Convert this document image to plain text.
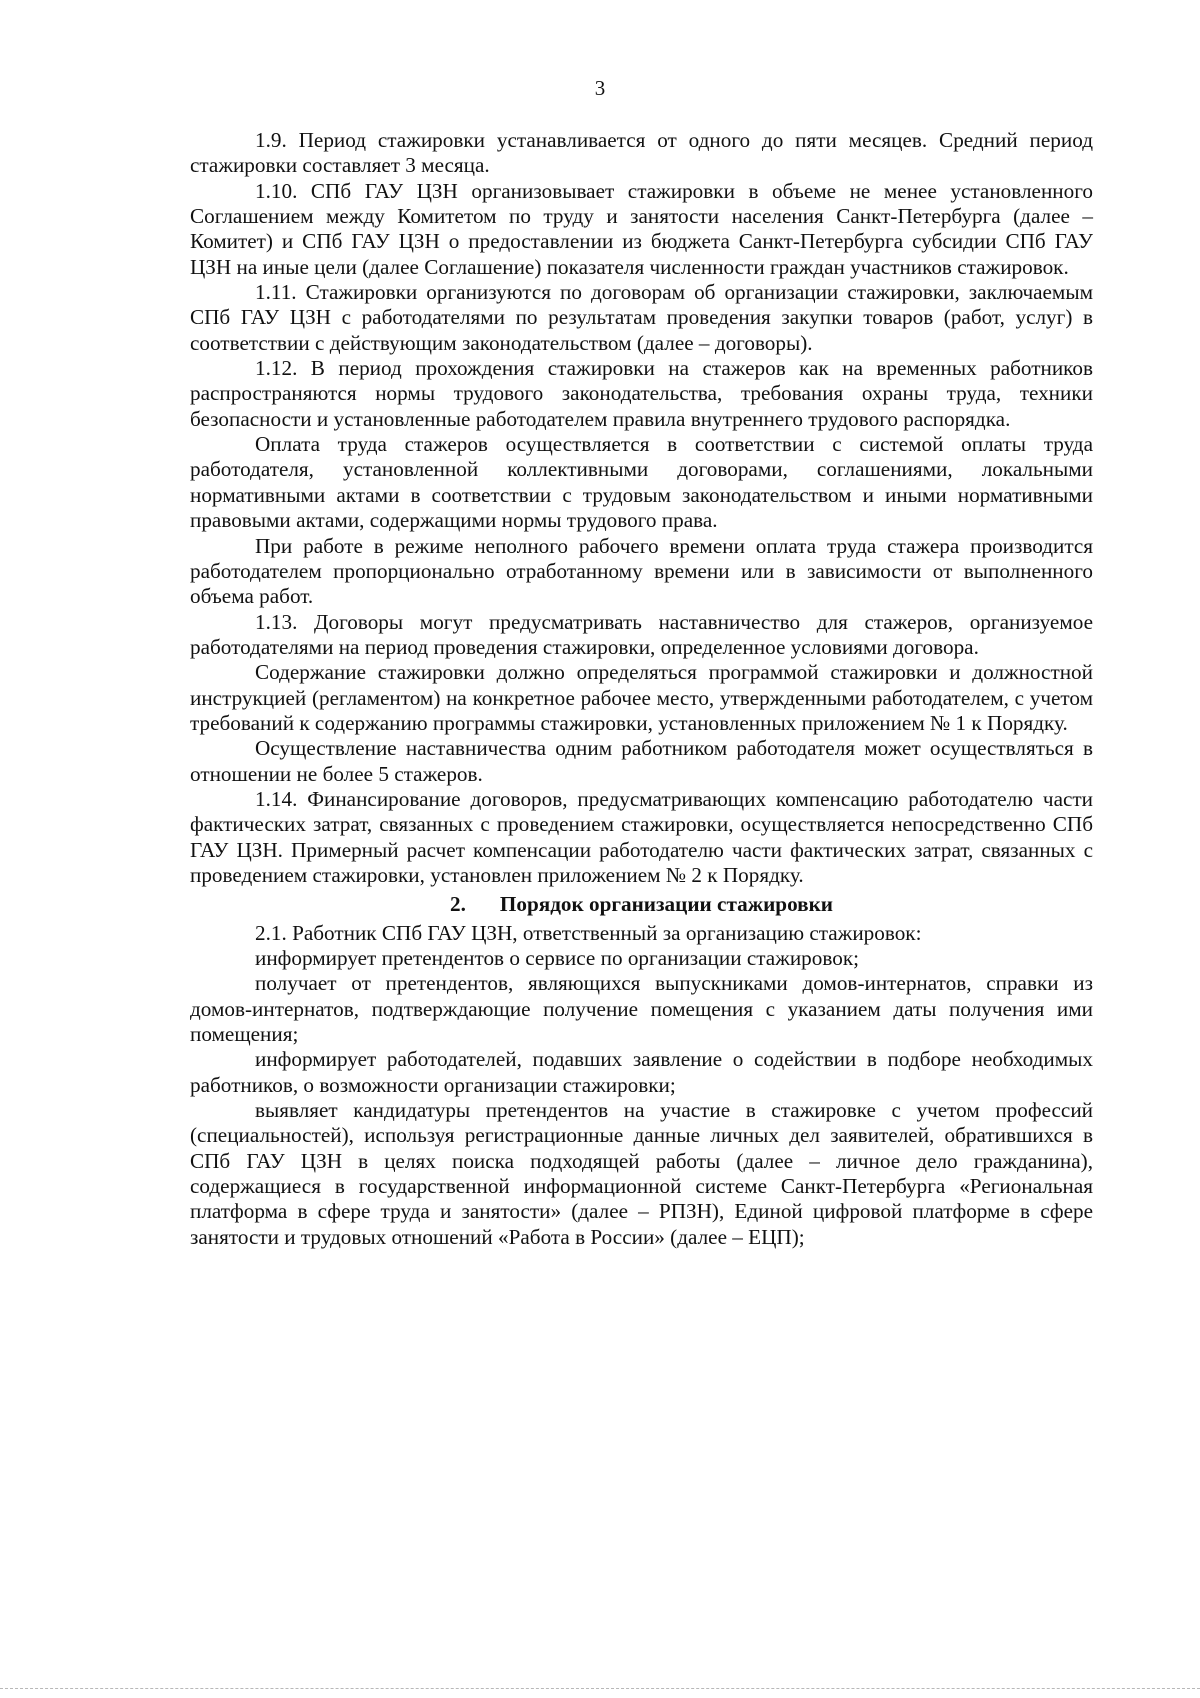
3

1.9. Период стажировки устанавливается от одного до пяти месяцев. Средний период стажировки составляет 3 месяца.

1.10. СПб ГАУ ЦЗН организовывает стажировки в объеме не менее установленного Соглашением между Комитетом по труду и занятости населения Санкт-Петербурга (далее – Комитет) и СПб ГАУ ЦЗН о предоставлении из бюджета Санкт-Петербурга субсидии СПб ГАУ ЦЗН на иные цели (далее Соглашение) показателя численности граждан участников стажировок.

1.11. Стажировки организуются по договорам об организации стажировки, заключаемым СПб ГАУ ЦЗН с работодателями по результатам проведения закупки товаров (работ, услуг) в соответствии с действующим законодательством (далее – договоры).

1.12. В период прохождения стажировки на стажеров как на временных работников распространяются нормы трудового законодательства, требования охраны труда, техники безопасности и установленные работодателем правила внутреннего трудового распорядка.

Оплата труда стажеров осуществляется в соответствии с системой оплаты труда работодателя, установленной коллективными договорами, соглашениями, локальными нормативными актами в соответствии с трудовым законодательством и иными нормативными правовыми актами, содержащими нормы трудового права.

При работе в режиме неполного рабочего времени оплата труда стажера производится работодателем пропорционально отработанному времени или в зависимости от выполненного объема работ.

1.13. Договоры могут предусматривать наставничество для стажеров, организуемое работодателями на период проведения стажировки, определенное условиями договора.

Содержание стажировки должно определяться программой стажировки и должностной инструкцией (регламентом) на конкретное рабочее место, утвержденными работодателем, с учетом требований к содержанию программы стажировки, установленных приложением № 1 к Порядку.

Осуществление наставничества одним работником работодателя может осуществляться в отношении не более 5 стажеров.

1.14. Финансирование договоров, предусматривающих компенсацию работодателю части фактических затрат, связанных с проведением стажировки, осуществляется непосредственно СПб ГАУ ЦЗН. Примерный расчет компенсации работодателю части фактических затрат, связанных с проведением стажировки, установлен приложением № 2 к Порядку.

2. Порядок организации стажировки

2.1. Работник СПб ГАУ ЦЗН, ответственный за организацию стажировок:

информирует претендентов о сервисе по организации стажировок;

получает от претендентов, являющихся выпускниками домов-интернатов, справки из домов-интернатов, подтверждающие получение помещения с указанием даты получения ими помещения;

информирует работодателей, подавших заявление о содействии в подборе необходимых работников, о возможности организации стажировки;

выявляет кандидатуры претендентов на участие в стажировке с учетом профессий (специальностей), используя регистрационные данные личных дел заявителей, обратившихся в СПб ГАУ ЦЗН в целях поиска подходящей работы (далее – личное дело гражданина), содержащиеся в государственной информационной системе Санкт-Петербурга «Региональная платформа в сфере труда и занятости» (далее – РПЗН), Единой цифровой платформе в сфере занятости и трудовых отношений «Работа в России» (далее – ЕЦП);
